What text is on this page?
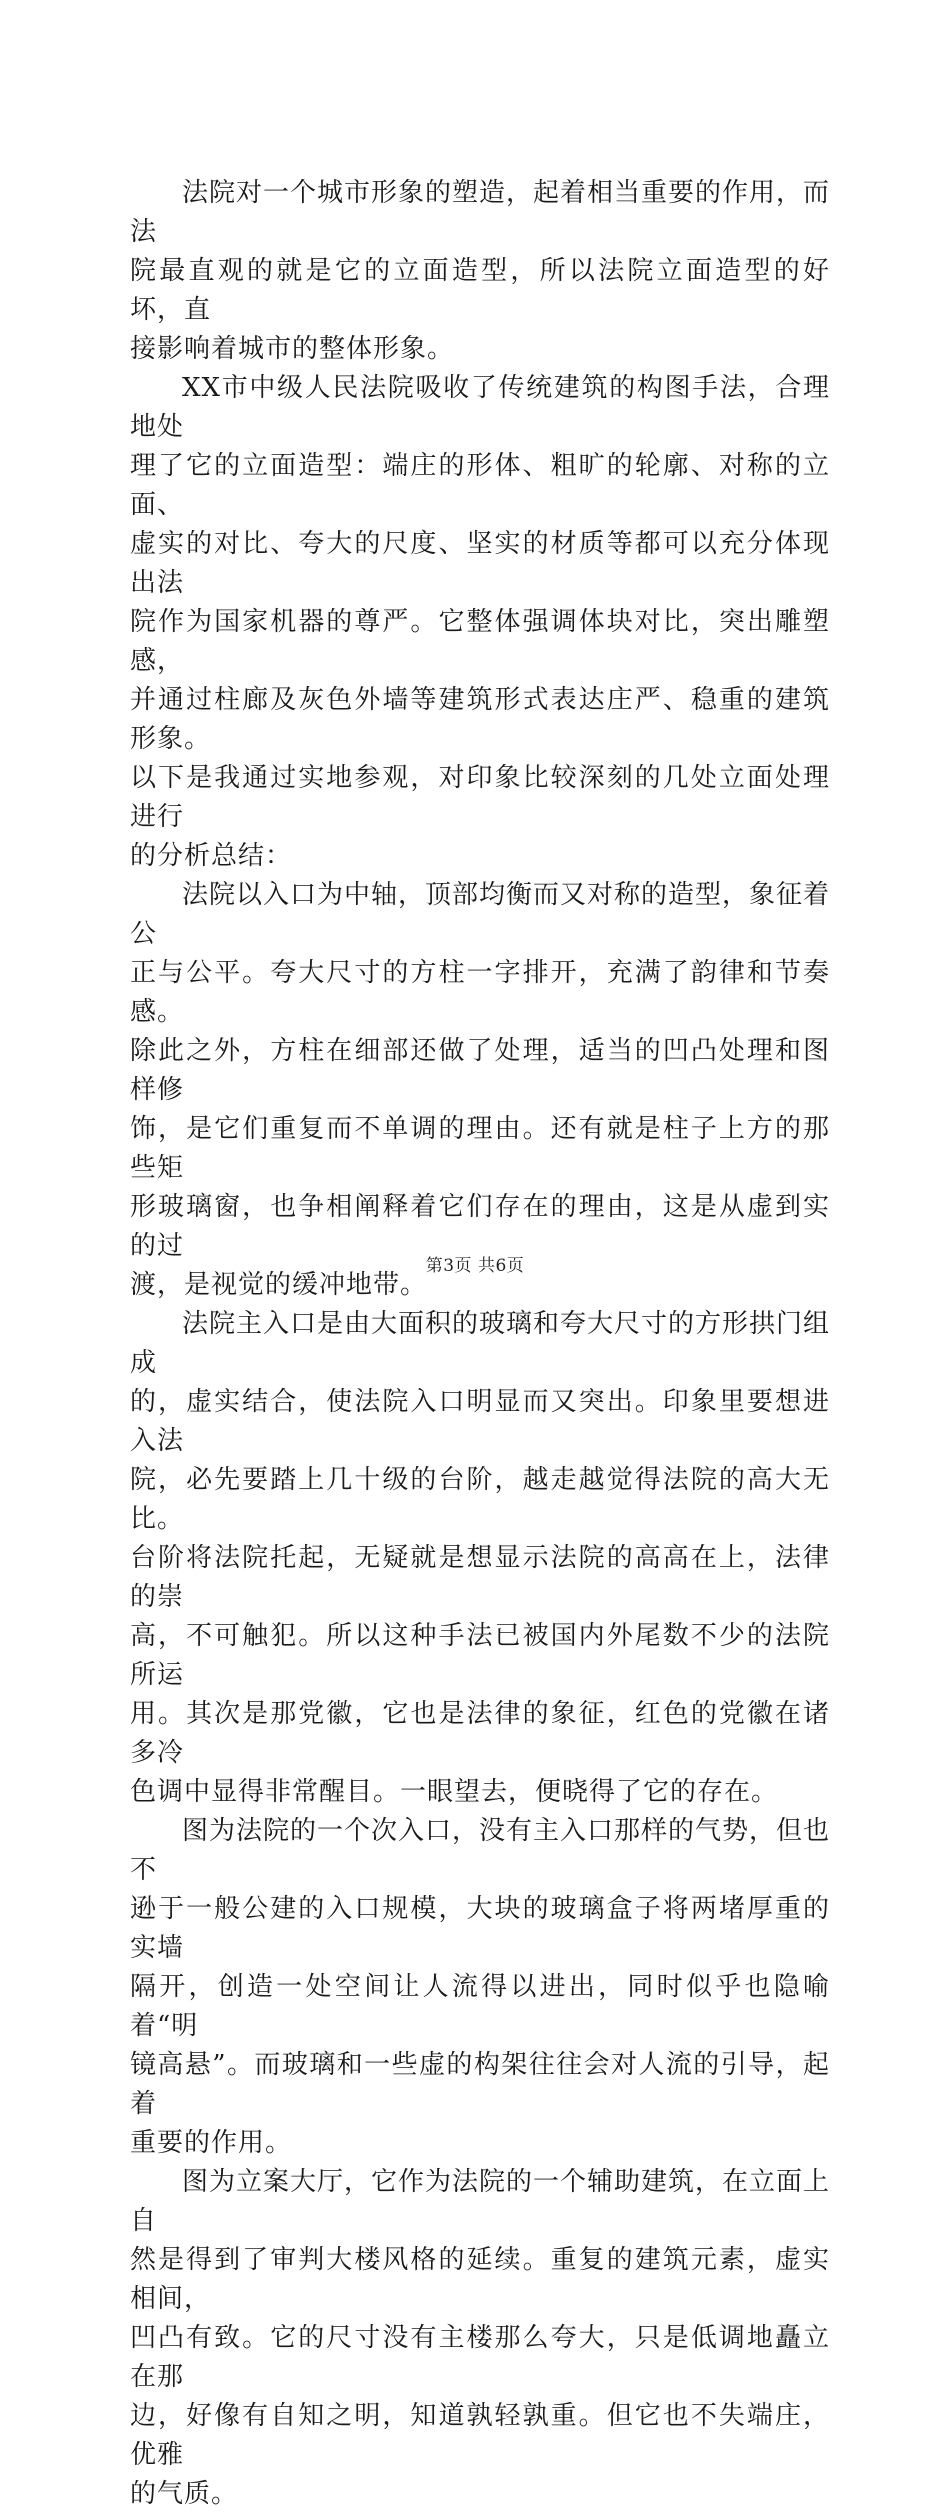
法院对一个城市形象的塑造，起着相当重要的作用，而法
院最直观的就是它的立面造型，所以法院立面造型的好坏，直
接影响着城市的整体形象。

XX市中级人民法院吸收了传统建筑的构图手法，合理地处
理了它的立面造型：端庄的形体、粗旷的轮廓、对称的立面、
虚实的对比、夸大的尺度、坚实的材质等都可以充分体现出法
院作为国家机器的尊严。它整体强调体块对比，突出雕塑感，
并通过柱廊及灰色外墙等建筑形式表达庄严、稳重的建筑形象。
以下是我通过实地参观，对印象比较深刻的几处立面处理进行
的分析总结：

法院以入口为中轴，顶部均衡而又对称的造型，象征着公
正与公平。夸大尺寸的方柱一字排开，充满了韵律和节奏感。
除此之外，方柱在细部还做了处理，适当的凹凸处理和图样修
饰，是它们重复而不单调的理由。还有就是柱子上方的那些矩
形玻璃窗，也争相阐释着它们存在的理由，这是从虚到实的过
渡，是视觉的缓冲地带。

法院主入口是由大面积的玻璃和夸大尺寸的方形拱门组成
的，虚实结合，使法院入口明显而又突出。印象里要想进入法
院，必先要踏上几十级的台阶，越走越觉得法院的高大无比。
台阶将法院托起，无疑就是想显示法院的高高在上，法律的崇
高，不可触犯。所以这种手法已被国内外尾数不少的法院所运
用。其次是那党徽，它也是法律的象征，红色的党徽在诸多冷
色调中显得非常醒目。一眼望去，便晓得了它的存在。

图为法院的一个次入口，没有主入口那样的气势，但也不
逊于一般公建的入口规模，大块的玻璃盒子将两堵厚重的实墙
隔开，创造一处空间让人流得以进出，同时似乎也隐喻着“明
镜高悬”。而玻璃和一些虚的构架往往会对人流的引导，起着
重要的作用。

图为立案大厅，它作为法院的一个辅助建筑，在立面上自
然是得到了审判大楼风格的延续。重复的建筑元素，虚实相间，
凹凸有致。它的尺寸没有主楼那么夸大，只是低调地矗立在那
边，好像有自知之明，知道孰轻孰重。但它也不失端庄，优雅
的气质。

第3页 共6页
